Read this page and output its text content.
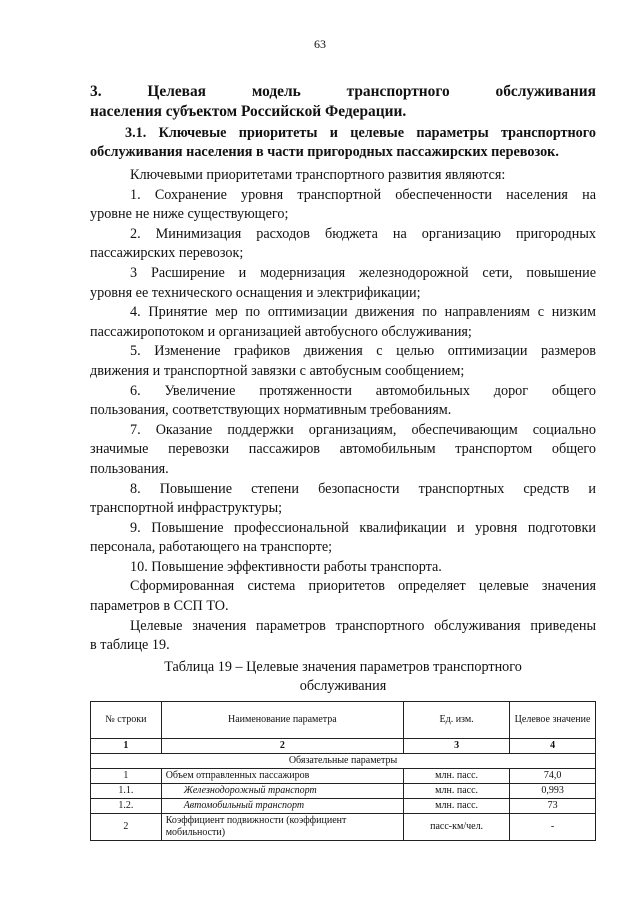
63
3.	Целевая	модель	транспортного	обслуживания
населения субъектом Российской Федерации.
3.1. Ключевые приоритеты и целевые параметры транспортного
обслуживания населения в части пригородных пассажирских перевозок.

Ключевыми приоритетами транспортного развития являются:

1. Сохранение уровня транспортной обеспеченности населения на

уровне не ниже существующего;

2. Минимизация расходов бюджета на организацию пригородных

пассажирских перевозок;

3 Расширение и модернизация железнодорожной сети, повышение

уровня ее технического оснащения и электрификации;

4. Принятие мер по оптимизации движения по направлениям с низким

пассажиропотоком и организацией автобусного обслуживания;

5. Изменение графиков движения с целью оптимизации размеров

движения и транспортной завязки с автобусным сообщением;

6. Увеличение протяженности автомобильных дорог общего

пользования, соответствующих нормативным требованиям.

7. Оказание поддержки организациям, обеспечивающим социально

значимые перевозки пассажиров автомобильным транспортом общего

пользования.

8. Повышение степени безопасности транспортных средств и

транспортной инфраструктуры;

9. Повышение профессиональной квалификации и уровня подготовки

персонала, работающего на транспорте;

10. Повышение эффективности работы транспорта.

Сформированная система приоритетов определяет целевые значения

параметров в ССП ТО.

Целевые значения параметров транспортного обслуживания приведены

в таблице 19.

Таблица 19 – Целевые значения параметров транспортного
обслуживания
№ строки	Наименование параметра	Ед. изм.	Целевое значение
1	2	3	4
Обязательные параметры			
1	Объем отправленных пассажиров	млн. пасс.	74,0
1.1.	Железнодорожный транспорт	млн. пасс.	0,993
1.2.	Автомобильный транспорт	млн. пасс.	73
2	Коэффициент подвижности (коэффициент мобильности)	пасс-км/чел.	-
